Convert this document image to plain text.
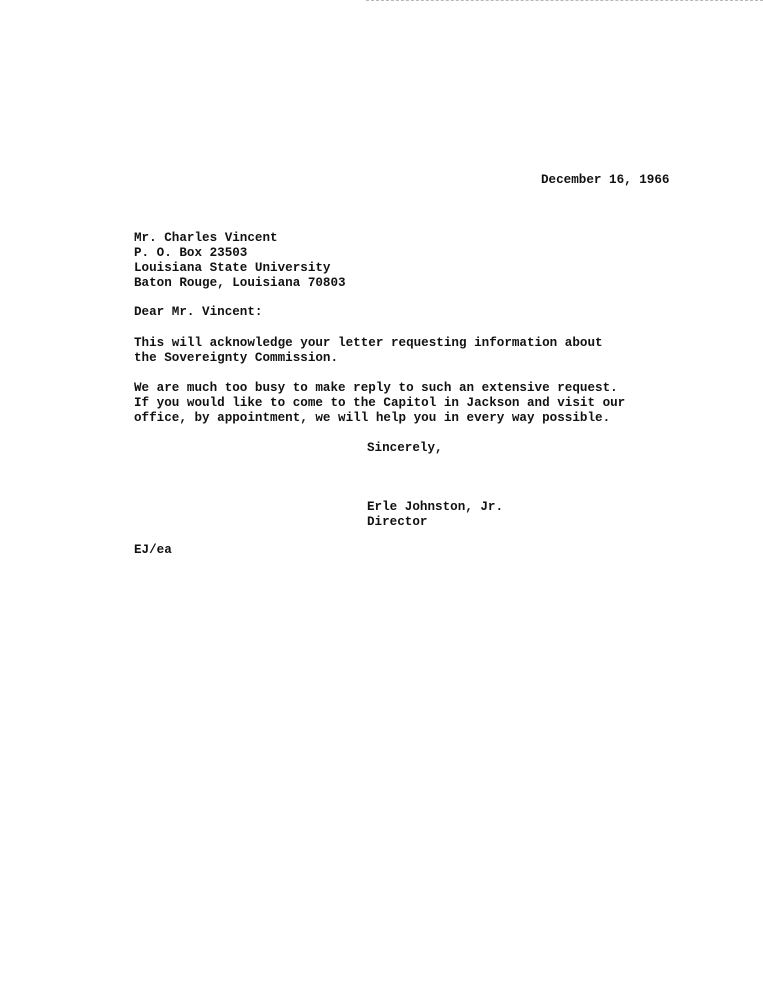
December 16, 1966
Mr. Charles Vincent
P. O. Box 23503
Louisiana State University
Baton Rouge, Louisiana 70803
Dear Mr. Vincent:
This will acknowledge your letter requesting information about
the Sovereignty Commission.
We are much too busy to make reply to such an extensive request.
If you would like to come to the Capitol in Jackson and visit our
office, by appointment, we will help you in every way possible.
Sincerely,
Erle Johnston, Jr.
Director
EJ/ea
